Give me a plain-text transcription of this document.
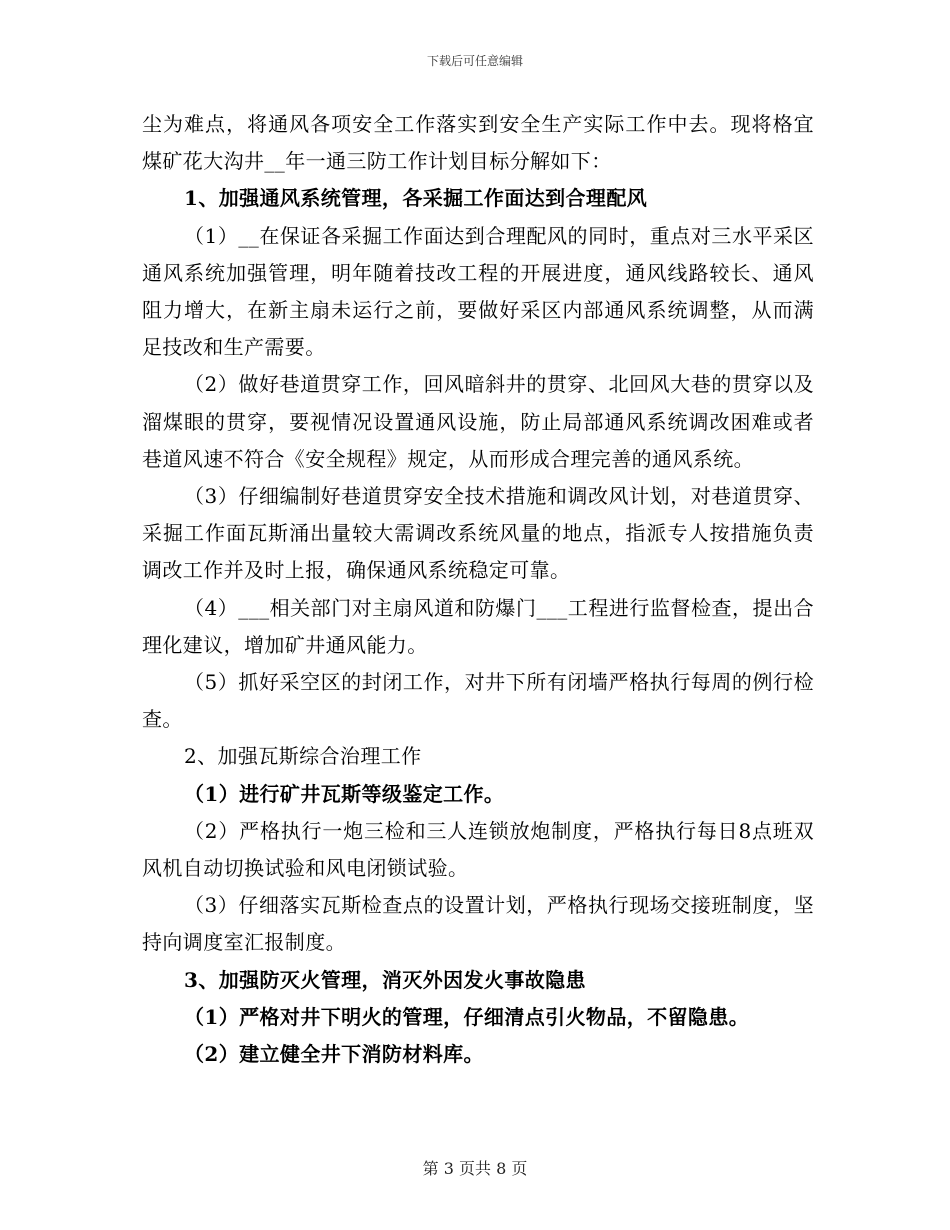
下载后可任意编辑

尘为难点，将通风各项安全工作落实到安全生产实际工作中去。现将格宜煤矿花大沟井__年一通三防工作计划目标分解如下：

1、加强通风系统管理，各采掘工作面达到合理配风

（1）__在保证各采掘工作面达到合理配风的同时，重点对三水平采区通风系统加强管理，明年随着技改工程的开展进度，通风线路较长、通风阻力增大，在新主扇未运行之前，要做好采区内部通风系统调整，从而满足技改和生产需要。

（2）做好巷道贯穿工作，回风暗斜井的贯穿、北回风大巷的贯穿以及溜煤眼的贯穿，要视情况设置通风设施，防止局部通风系统调改困难或者巷道风速不符合《安全规程》规定，从而形成合理完善的通风系统。

（3）仔细编制好巷道贯穿安全技术措施和调改风计划，对巷道贯穿、采掘工作面瓦斯涌出量较大需调改系统风量的地点，指派专人按措施负责调改工作并及时上报，确保通风系统稳定可靠。

（4）___相关部门对主扇风道和防爆门___工程进行监督检查，提出合理化建议，增加矿井通风能力。

（5）抓好采空区的封闭工作，对井下所有闭墙严格执行每周的例行检查。

2、加强瓦斯综合治理工作

（1）进行矿井瓦斯等级鉴定工作。

（2）严格执行一炮三检和三人连锁放炮制度，严格执行每日8点班双风机自动切换试验和风电闭锁试验。

（3）仔细落实瓦斯检查点的设置计划，严格执行现场交接班制度，坚持向调度室汇报制度。

3、加强防灭火管理，消灭外因发火事故隐患

（1）严格对井下明火的管理，仔细清点引火物品，不留隐患。

（2）建立健全井下消防材料库。

第 3 页共 8 页
